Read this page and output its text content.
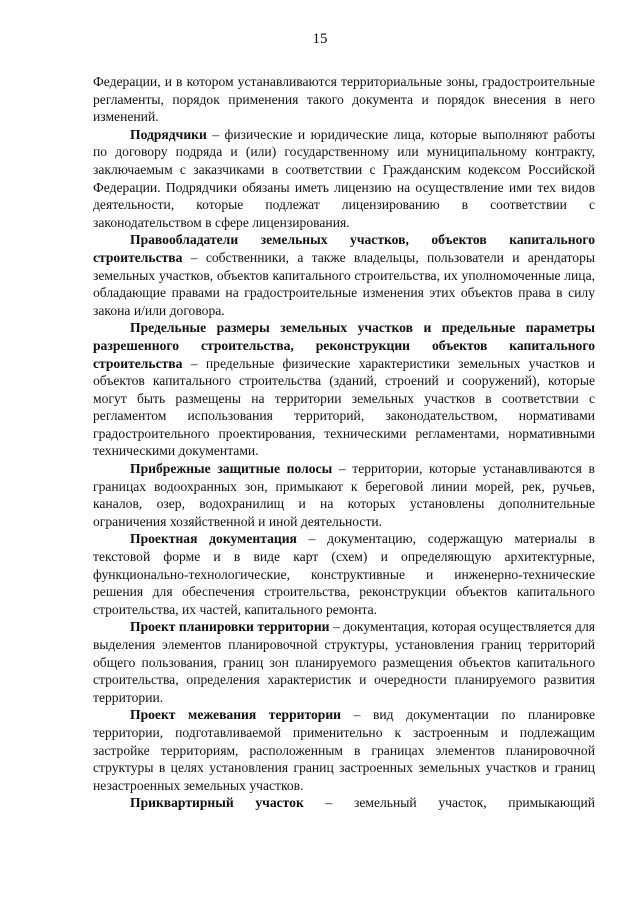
15

Федерации, и в котором устанавливаются территориальные зоны, градостроительные регламенты, порядок применения такого документа и порядок внесения в него изменений.

Подрядчики – физические и юридические лица, которые выполняют работы по договору подряда и (или) государственному или муниципальному контракту, заключаемым с заказчиками в соответствии с Гражданским кодексом Российской Федерации. Подрядчики обязаны иметь лицензию на осуществление ими тех видов деятельности, которые подлежат лицензированию в соответствии с законодательством в сфере лицензирования.

Правообладатели земельных участков, объектов капитального строительства – собственники, а также владельцы, пользователи и арендаторы земельных участков, объектов капитального строительства, их уполномоченные лица, обладающие правами на градостроительные изменения этих объектов права в силу закона и/или договора.

Предельные размеры земельных участков и предельные параметры разрешенного строительства, реконструкции объектов капитального строительства – предельные физические характеристики земельных участков и объектов капитального строительства (зданий, строений и сооружений), которые могут быть размещены на территории земельных участков в соответствии с регламентом использования территорий, законодательством, нормативами градостроительного проектирования, техническими регламентами, нормативными техническими документами.

Прибрежные защитные полосы – территории, которые устанавливаются в границах водоохранных зон, примыкают к береговой линии морей, рек, ручьев, каналов, озер, водохранилищ и на которых установлены дополнительные ограничения хозяйственной и иной деятельности.

Проектная документация – документацию, содержащую материалы в текстовой форме и в виде карт (схем) и определяющую архитектурные, функционально-технологические, конструктивные и инженерно-технические решения для обеспечения строительства, реконструкции объектов капитального строительства, их частей, капитального ремонта.

Проект планировки территории – документация, которая осуществляется для выделения элементов планировочной структуры, установления границ территорий общего пользования, границ зон планируемого размещения объектов капитального строительства, определения характеристик и очередности планируемого развития территории.

Проект межевания территории – вид документации по планировке территории, подготавливаемой применительно к застроенным и подлежащим застройке территориям, расположенным в границах элементов планировочной структуры в целях установления границ застроенных земельных участков и границ незастроенных земельных участков.

Приквартирный участок – земельный участок, примыкающий
